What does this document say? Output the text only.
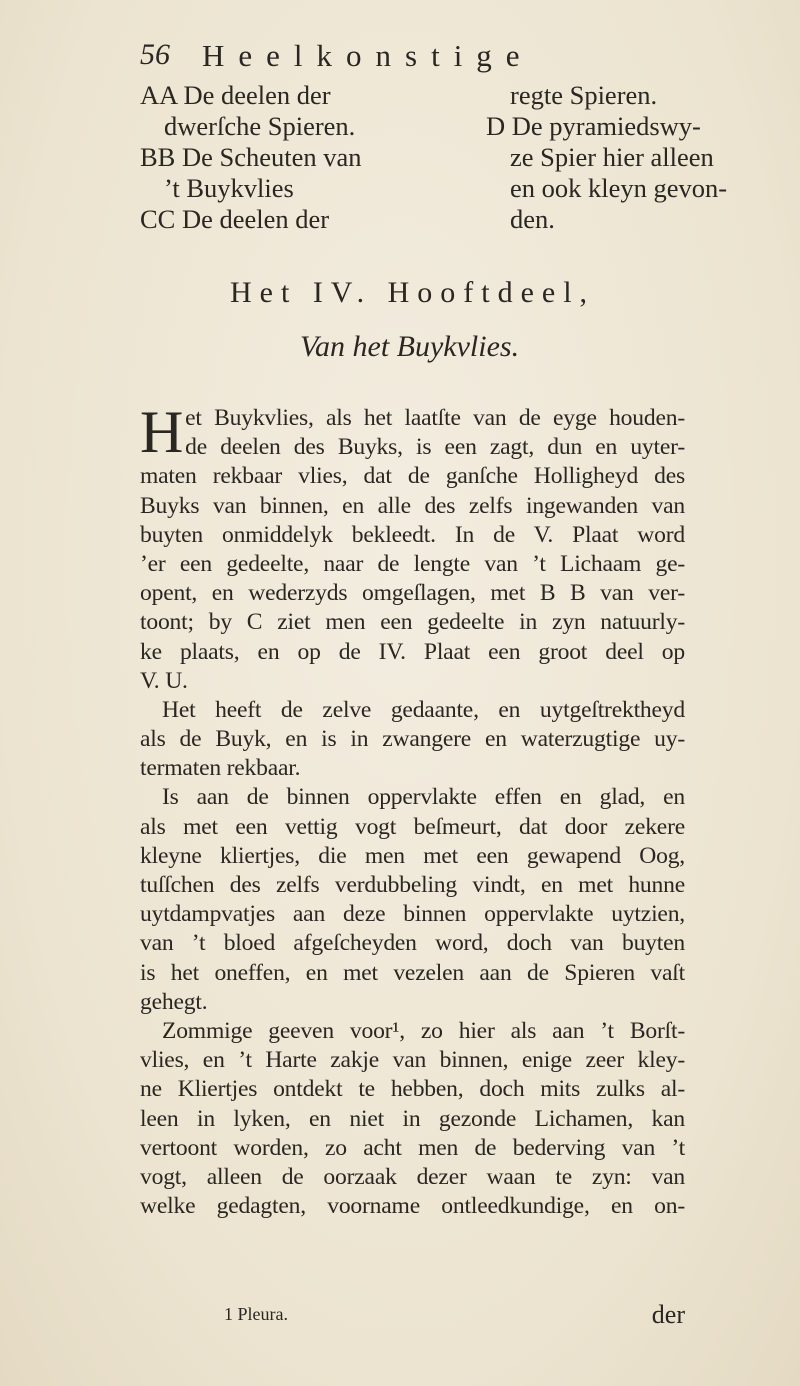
56 Heelkonstige
AA De deelen der
dwerſche Spieren.
BB De Scheuten van
’t Buykvlies
CC De deelen der
regte Spieren.
D De pyramiedswy-
ze Spier hier alleen
en ook kleyn gevon-
den.
Het IV. Hooftdeel,
Van het Buykvlies.
H et Buykvlies, als het laatſte van de eyge houden-
de deelen des Buyks, is een zagt, dun en uyter-
maten rekbaar vlies, dat de ganſche Holligheyd des
Buyks van binnen, en alle des zelfs ingewanden van
buyten onmiddelyk bekleedt. In de V. Plaat word
’er een gedeelte, naar de lengte van ’t Lichaam ge-
opent, en wederzyds omgeſlagen, met B B van ver-
toont; by C ziet men een gedeelte in zyn natuurly-
ke plaats, en op de IV. Plaat een groot deel op
V. U.
Het heeft de zelve gedaante, en uytgeſtrektheyd
als de Buyk, en is in zwangere en waterzugtige uy-
termaten rekbaar.
Is aan de binnen oppervlakte effen en glad, en
als met een vettig vogt beſmeurt, dat door zekere
kleyne kliertjes, die men met een gewapend Oog,
tuſſchen des zelfs verdubbeling vindt, en met hunne
uytdampvatjes aan deze binnen oppervlakte uytzien,
van ’t bloed afgeſcheyden word, doch van buyten
is het oneffen, en met vezelen aan de Spieren vaſt
gehegt.
Zommige geeven voor¹, zo hier als aan ’t Borſt-
vlies, en ’t Harte zakje van binnen, enige zeer kley-
ne Kliertjes ontdekt te hebben, doch mits zulks al-
leen in lyken, en niet in gezonde Lichamen, kan
vertoont worden, zo acht men de bederving van ’t
vogt, alleen de oorzaak dezer waan te zyn: van
welke gedagten, voorname ontleedkundige, en on-
1 Pleura.	der
